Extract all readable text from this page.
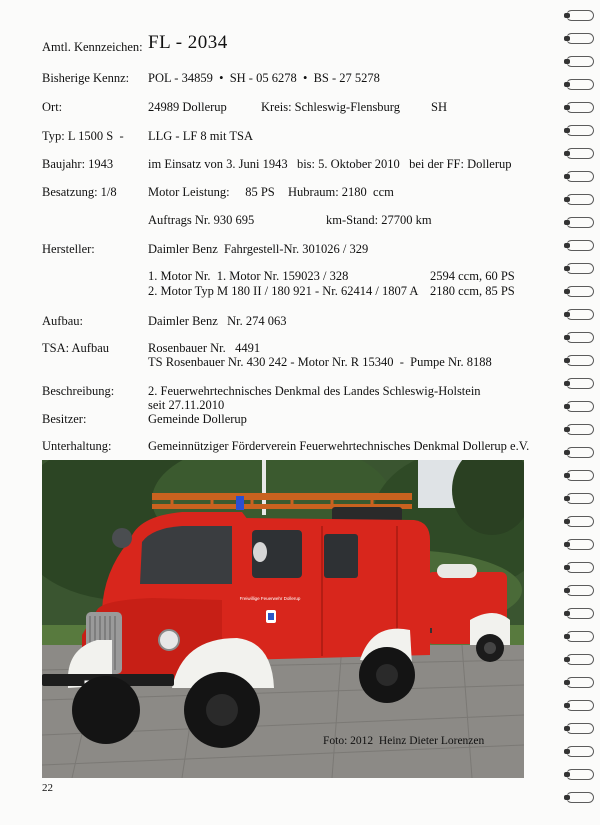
Amtl. Kennzeichen: FL - 2034
Bisherige Kennz: POL - 34859  •  SH - 05 6278  •  BS - 27 5278
Ort:	24989 Dollerup	Kreis: Schleswig-Flensburg SH
Typ: L 1500 S  - LLG - LF 8 mit TSA
Baujahr: 1943	im Einsatz von 3. Juni 1943   bis: 5. Oktober 2010   bei der FF: Dollerup
Besatzung: 1/8	Motor Leistung:     85 PS Hubraum: 2180  ccm
Auftrags Nr. 930 695	km-Stand: 27700 km
Hersteller:	Daimler Benz  Fahrgestell-Nr. 301026 / 329
1. Motor Nr.  1. Motor Nr. 159023 / 328	2594 ccm, 60 PS
2. Motor Typ M 180 II / 180 921 - Nr. 62414 / 1807 A 2180 ccm, 85 PS
Aufbau:	Daimler Benz   Nr. 274 063
TSA: Aufbau	Rosenbauer Nr.   4491
TS Rosenbauer Nr. 430 242 - Motor Nr. R 15340  -  Pumpe Nr. 8188
Beschreibung:	2. Feuerwehrtechnisches Denkmal des Landes Schleswig-Holstein
seit 27.11.2010
Besitzer:	Gemeinde Dollerup
Unterhaltung:	Gemeinnütziger Förderverein Feuerwehrtechnisches Denkmal Dollerup e.V.
Freiwillige Feuerwehr Dollerup
Foto: 2012  Heinz Dieter Lorenzen
22
